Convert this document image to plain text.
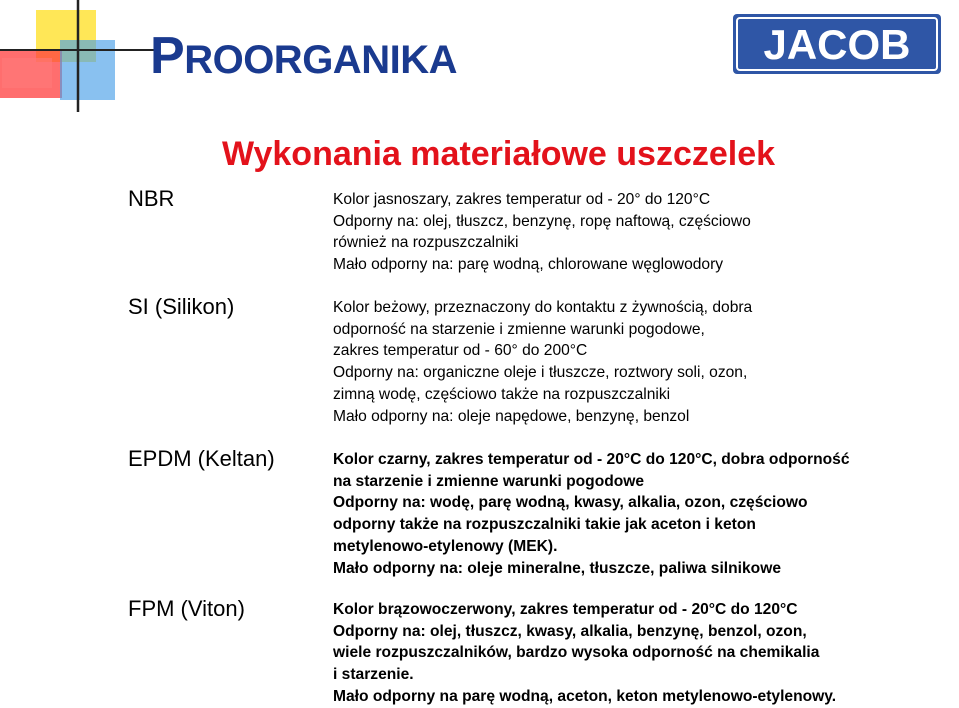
PROORGANIKA	JACOB
Wykonania materiałowe uszczelek
NBR	Kolor jasnoszary, zakres temperatur od - 20° do 120°C
Odporny na: olej, tłuszcz, benzynę, ropę naftową, częściowo
również na rozpuszczalniki
Mało odporny na: parę wodną, chlorowane węglowodory
SI (Silikon)	Kolor beżowy, przeznaczony do kontaktu z żywnością, dobra
odporność na starzenie i zmienne warunki pogodowe,
zakres temperatur od - 60° do 200°C
Odporny na: organiczne oleje i tłuszcze, roztwory soli, ozon,
zimną wodę, częściowo także na rozpuszczalniki
Mało odporny na: oleje napędowe, benzynę, benzol
EPDM (Keltan)	Kolor czarny, zakres temperatur od - 20°C do 120°C, dobra odporność
na starzenie i zmienne warunki pogodowe
Odporny na: wodę, parę wodną, kwasy, alkalia, ozon, częściowo
odporny także na rozpuszczalniki takie jak aceton i keton
metylenowo-etylenowy (MEK).
Mało odporny na: oleje mineralne, tłuszcze, paliwa silnikowe
FPM (Viton)	Kolor brązowoczerwony, zakres temperatur od - 20°C do 120°C
Odporny na: olej, tłuszcz, kwasy, alkalia, benzynę, benzol, ozon,
wiele rozpuszczalników, bardzo wysoka odporność na chemikalia
i starzenie.
Mało odporny na parę wodną, aceton, keton metylenowo-etylenowy.
